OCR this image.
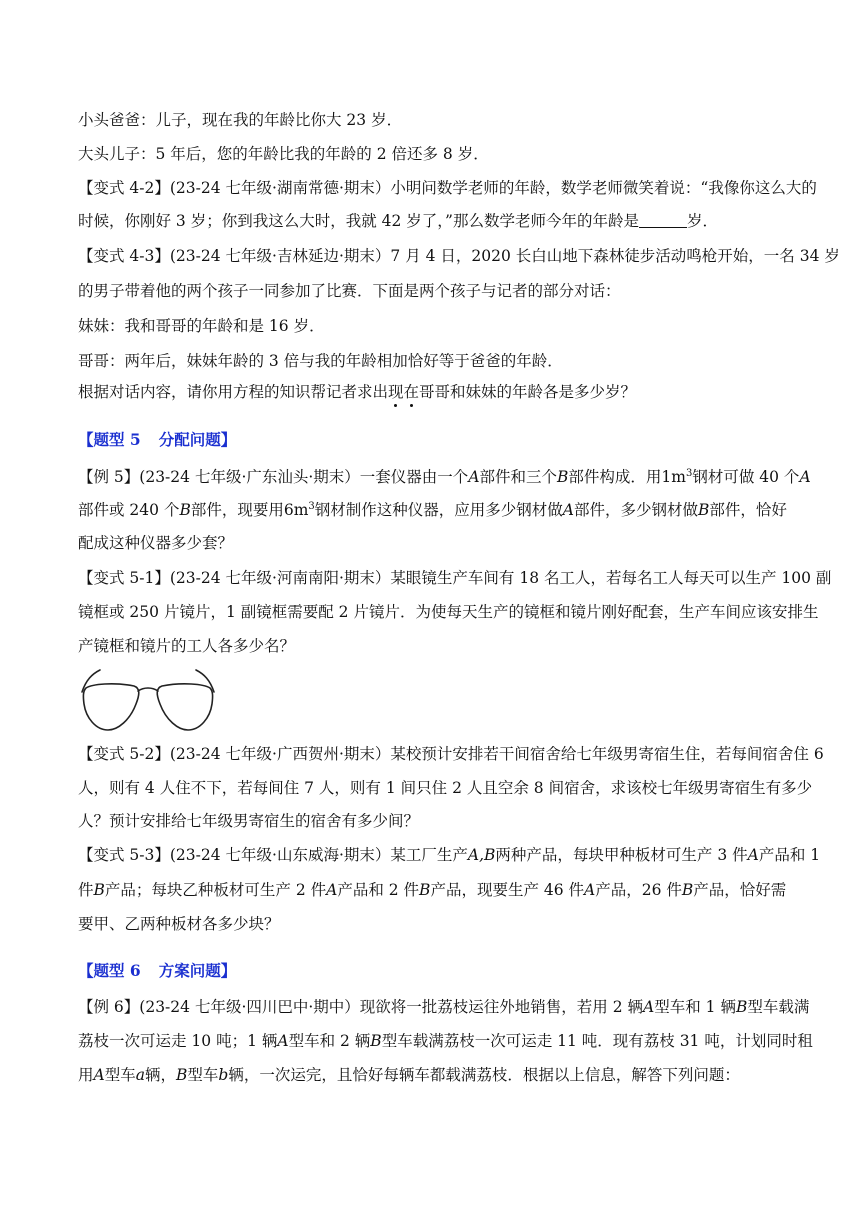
小头爸爸：儿子，现在我的年龄比你大 23 岁．
大头儿子：5 年后，您的年龄比我的年龄的 2 倍还多 8 岁．
【变式 4-2】(23-24 七年级·湖南常德·期末）小明问数学老师的年龄，数学老师微笑着说：“我像你这么大的
时候，你刚好 3 岁；你到我这么大时，我就 42 岁了，”那么数学老师今年的年龄是	岁．
【变式 4-3】(23-24 七年级·吉林延边·期末）7 月 4 日，2020 长白山地下森林徒步活动鸣枪开始，一名 34 岁
的男子带着他的两个孩子一同参加了比赛．下面是两个孩子与记者的部分对话：
妹妹：我和哥哥的年龄和是 16 岁．
哥哥：两年后，妹妹年龄的 3 倍与我的年龄相加恰好等于爸爸的年龄．
根据对话内容，请你用方程的知识帮记者求出现在哥哥和妹妹的年龄各是多少岁？
【题型 5 分配问题】
【例 5】(23-24 七年级·广东汕头·期末）一套仪器由一个A部件和三个B部件构成．用$1m^3$钢材可做 40 个A
部件或 240 个B部件，现要用$6m^3$钢材制作这种仪器，应用多少钢材做A部件，多少钢材做B部件，恰好
配成这种仪器多少套？
【变式 5-1】(23-24 七年级·河南南阳·期末）某眼镜生产车间有 18 名工人，若每名工人每天可以生产 100 副
镜框或 250 片镜片，1 副镜框需要配 2 片镜片．为使每天生产的镜框和镜片刚好配套，生产车间应该安排生
产镜框和镜片的工人各多少名？
【变式 5-2】(23-24 七年级·广西贺州·期末）某校预计安排若干间宿舍给七年级男寄宿生住，若每间宿舍住 6
人，则有 4 人住不下，若每间住 7 人，则有 1 间只住 2 人且空余 8 间宿舍，求该校七年级男寄宿生有多少
人？预计安排给七年级男寄宿生的宿舍有多少间？
【变式 5-3】(23-24 七年级·山东威海·期末）某工厂生产A,B两种产品，每块甲种板材可生产 3 件A产品和 1
件B产品；每块乙种板材可生产 2 件A产品和 2 件B产品，现要生产 46 件A产品，26 件B产品，恰好需
要甲、乙两种板材各多少块？
【题型 6 方案问题】
【例 6】(23-24 七年级·四川巴中·期中）现欲将一批荔枝运往外地销售，若用 2 辆A型车和 1 辆B型车载满
荔枝一次可运走 10 吨；1 辆A型车和 2 辆B型车载满荔枝一次可运走 11 吨．现有荔枝 31 吨，计划同时租
用A型车a辆，B型车b辆，一次运完，且恰好每辆车都载满荔枝．根据以上信息，解答下列问题：
